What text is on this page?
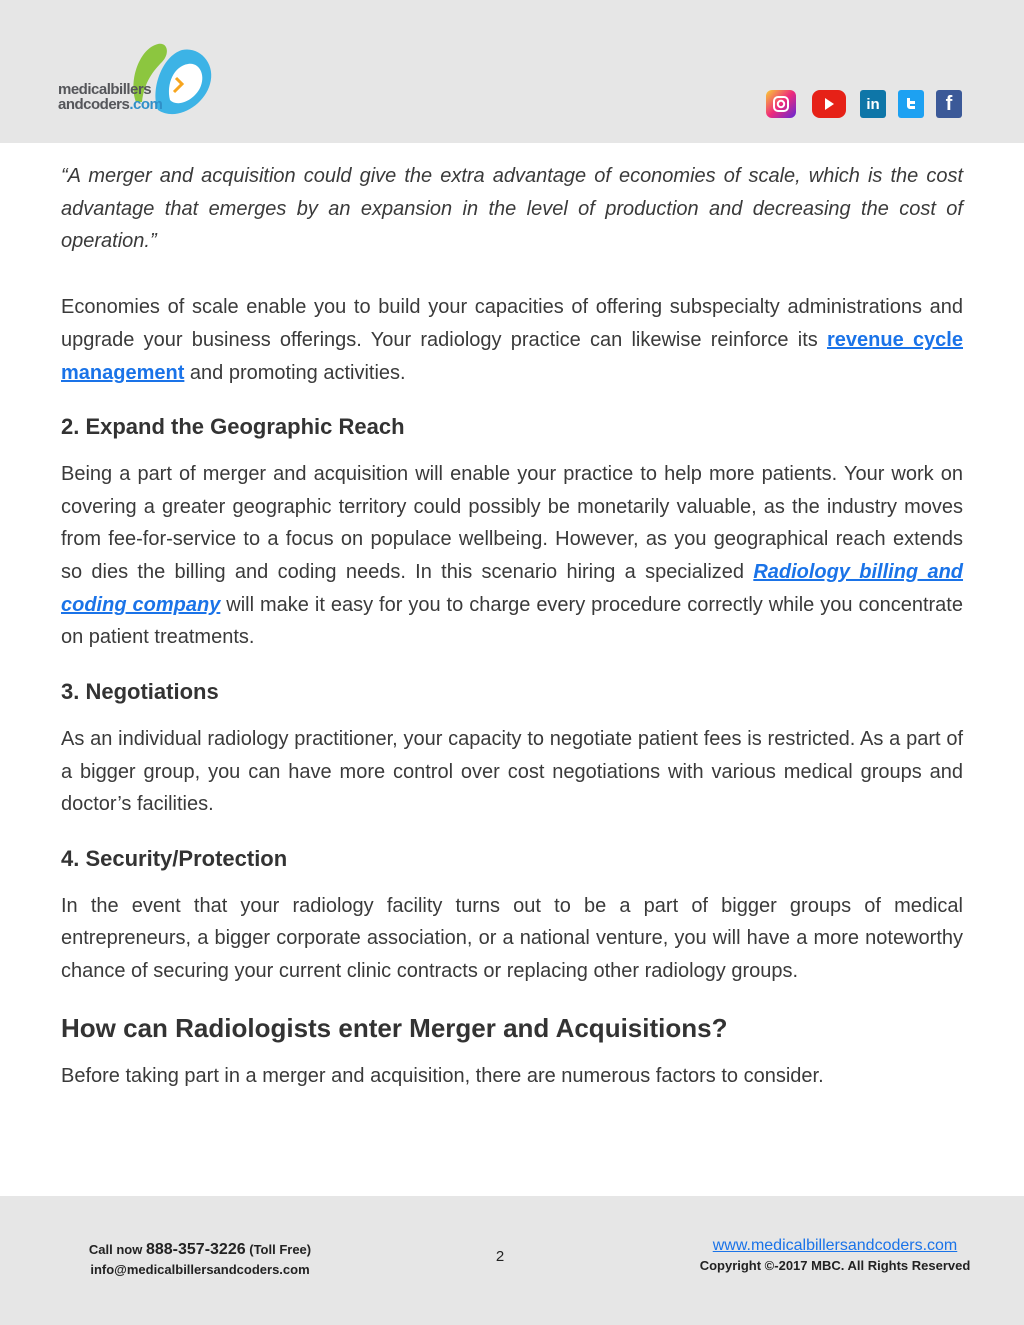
medicalbillers
andcoders.com	in	f

“A merger and acquisition could give the extra advantage of economies of scale, which is the cost advantage that emerges by an expansion in the level of production and decreasing the cost of operation.”

Economies of scale enable you to build your capacities of offering subspecialty administrations and upgrade your business offerings. Your radiology practice can likewise reinforce its revenue cycle management and promoting activities.

2. Expand the Geographic Reach

Being a part of merger and acquisition will enable your practice to help more patients. Your work on covering a greater geographic territory could possibly be monetarily valuable, as the industry moves from fee-for-service to a focus on populace wellbeing. However, as you geographical reach extends so dies the billing and coding needs. In this scenario hiring a specialized Radiology billing and coding company will make it easy for you to charge every procedure correctly while you concentrate on patient treatments.

3. Negotiations

As an individual radiology practitioner, your capacity to negotiate patient fees is restricted. As a part of a bigger group, you can have more control over cost negotiations with various medical groups and doctor’s facilities.

4. Security/Protection

In the event that your radiology facility turns out to be a part of bigger groups of medical entrepreneurs, a bigger corporate association, or a national venture, you will have a more noteworthy chance of securing your current clinic contracts or replacing other radiology groups.

How can Radiologists enter Merger and Acquisitions?

Before taking part in a merger and acquisition, there are numerous factors to consider.

Call now 888-357-3226 (Toll Free)
info@medicalbillersandcoders.com
2
www.medicalbillersandcoders.com
Copyright ©-2017 MBC. All Rights Reserved
